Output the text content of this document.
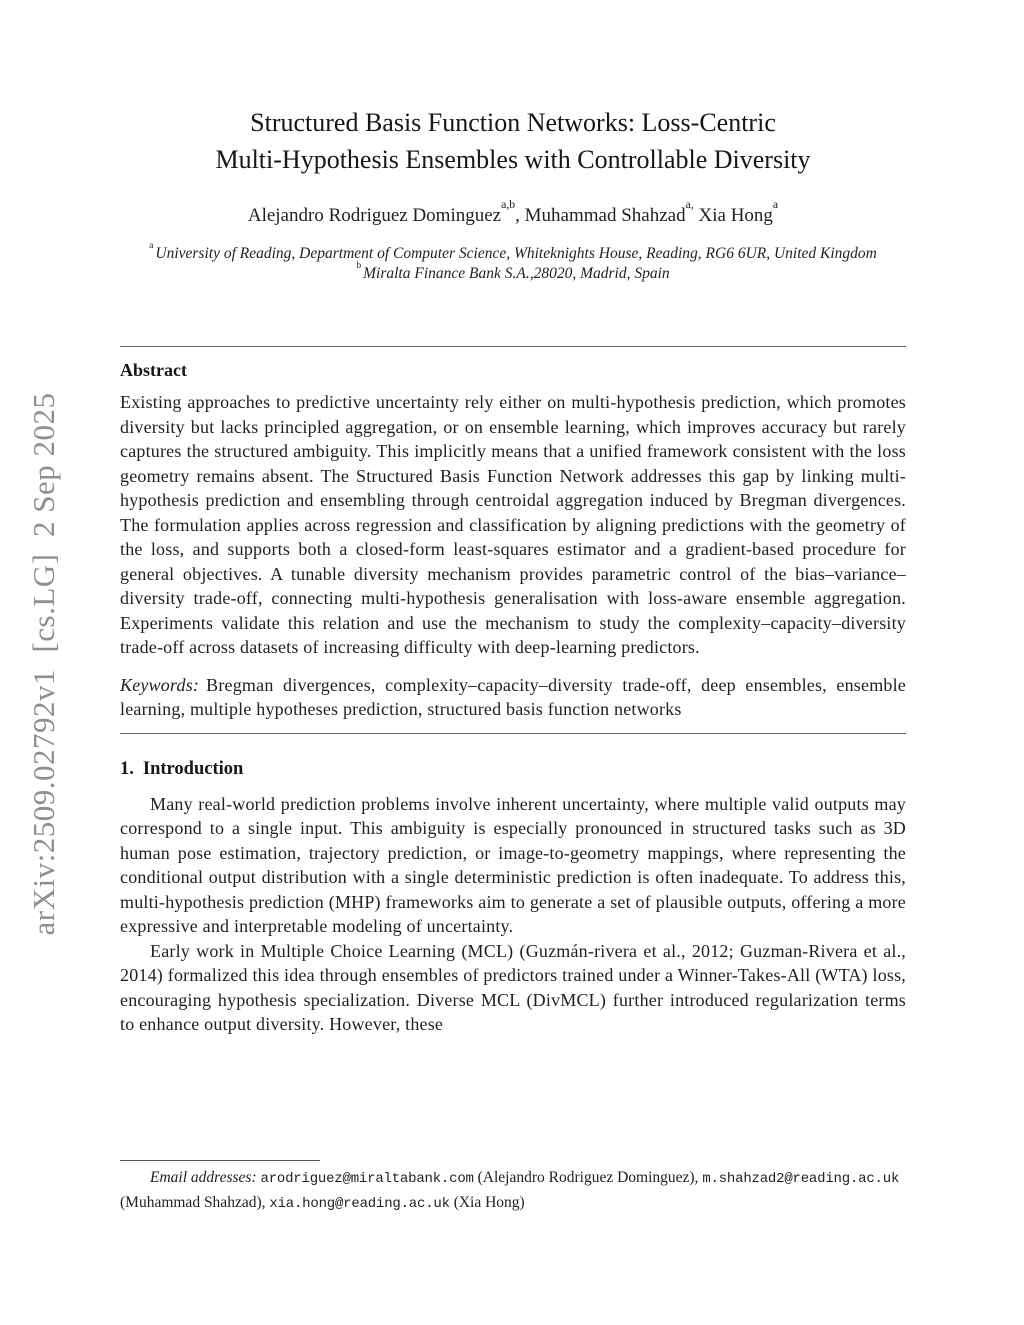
arXiv:2509.02792v1  [cs.LG]  2 Sep 2025
Structured Basis Function Networks: Loss-Centric
Multi-Hypothesis Ensembles with Controllable Diversity
Alejandro Rodriguez Dominguez$^{a,b}$, Muhammad Shahzad$^{a,}$ Xia Hong$^a$
$^a$ University of Reading, Department of Computer Science, Whiteknights House, Reading, RG6 6UR, United Kingdom
$^b$ Miralta Finance Bank S.A.,28020, Madrid, Spain
Abstract

Existing approaches to predictive uncertainty rely either on multi-hypothesis prediction, which promotes diversity but lacks principled aggregation, or on ensemble learning, which improves accuracy but rarely captures the structured ambiguity. This implicitly means that a unified framework consistent with the loss geometry remains absent. The Structured Basis Function Network addresses this gap by linking multi-hypothesis prediction and ensembling through centroidal aggregation induced by Bregman divergences. The formulation applies across regression and classification by aligning predictions with the geometry of the loss, and supports both a closed-form least-squares estimator and a gradient-based procedure for general objectives. A tunable diversity mechanism provides parametric control of the bias–variance–diversity trade-off, connecting multi-hypothesis generalisation with loss-aware ensemble aggregation. Experiments validate this relation and use the mechanism to study the complexity–capacity–diversity trade-off across datasets of increasing difficulty with deep-learning predictors.

Keywords: Bregman divergences, complexity–capacity–diversity trade-off, deep ensembles, ensemble learning, multiple hypotheses prediction, structured basis function networks

1. Introduction

Many real-world prediction problems involve inherent uncertainty, where multiple valid outputs may correspond to a single input. This ambiguity is especially pronounced in structured tasks such as 3D human pose estimation, trajectory prediction, or image-to-geometry mappings, where representing the conditional output distribution with a single deterministic prediction is often inadequate. To address this, multi-hypothesis prediction (MHP) frameworks aim to generate a set of plausible outputs, offering a more expressive and interpretable modeling of uncertainty.

Early work in Multiple Choice Learning (MCL) (Guzmán-rivera et al., 2012; Guzman-Rivera et al., 2014) formalized this idea through ensembles of predictors trained under a Winner-Takes-All (WTA) loss, encouraging hypothesis specialization. Diverse MCL (DivMCL) further introduced regularization terms to enhance output diversity. However, these

Email addresses: arodriguez@miraltabank.com (Alejandro Rodriguez Dominguez), m.shahzad2@reading.ac.uk (Muhammad Shahzad), xia.hong@reading.ac.uk (Xia Hong)
